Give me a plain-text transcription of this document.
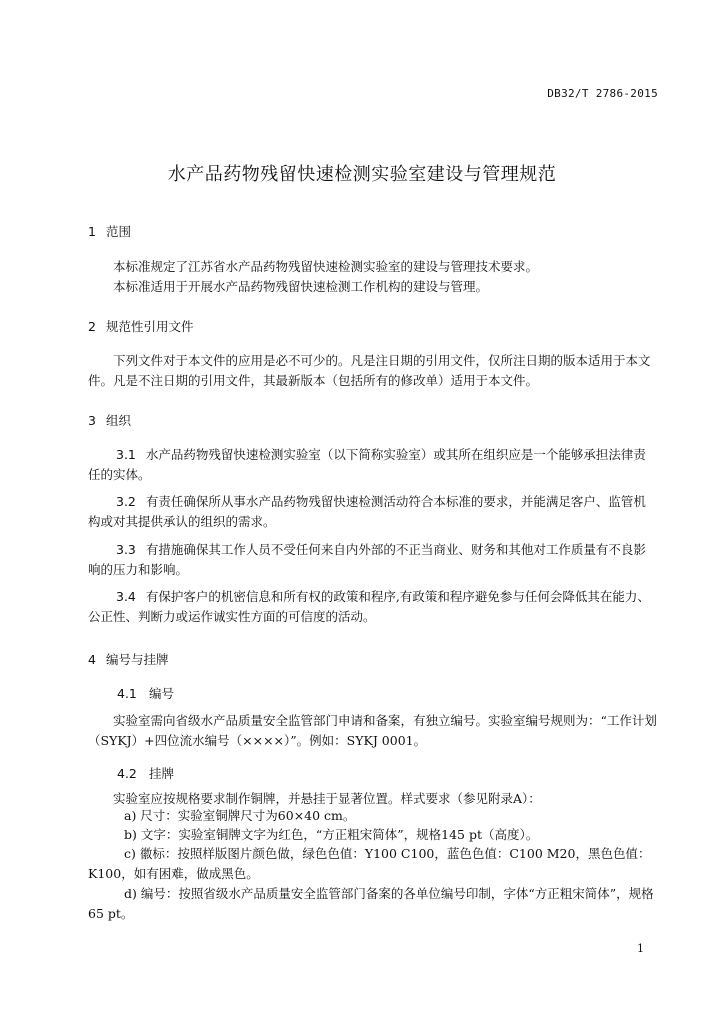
DB32/T 2786-2015
水产品药物残留快速检测实验室建设与管理规范
1 范围
本标准规定了江苏省水产品药物残留快速检测实验室的建设与管理技术要求。
本标准适用于开展水产品药物残留快速检测工作机构的建设与管理。
2 规范性引用文件
下列文件对于本文件的应用是必不可少的。凡是注日期的引用文件，仅所注日期的版本适用于本文件。凡是不注日期的引用文件，其最新版本（包括所有的修改单）适用于本文件。
3 组织
3.1 水产品药物残留快速检测实验室（以下简称实验室）或其所在组织应是一个能够承担法律责任的实体。
3.2 有责任确保所从事水产品药物残留快速检测活动符合本标准的要求，并能满足客户、监管机构或对其提供承认的组织的需求。
3.3 有措施确保其工作人员不受任何来自内外部的不正当商业、财务和其他对工作质量有不良影响的压力和影响。
3.4 有保护客户的机密信息和所有权的政策和程序,有政策和程序避免参与任何会降低其在能力、公正性、判断力或运作诚实性方面的可信度的活动。
4 编号与挂牌
4.1 编号
实验室需向省级水产品质量安全监管部门申请和备案，有独立编号。实验室编号规则为：“工作计划（SYKJ）+四位流水编号（××××）”。例如：SYKJ 0001。
4.2 挂牌
实验室应按规格要求制作铜牌，并悬挂于显著位置。样式要求（参见附录A）：
a) 尺寸：实验室铜牌尺寸为60×40 cm。
b) 文字：实验室铜牌文字为红色，“方正粗宋简体”，规格145 pt（高度）。
c) 徽标：按照样版图片颜色做，绿色色值：Y100 C100，蓝色色值：C100 M20，黑色色值：K100，如有困难，做成黑色。
d) 编号：按照省级水产品质量安全监管部门备案的各单位编号印制，字体“方正粗宋简体”，规格65 pt。
1
